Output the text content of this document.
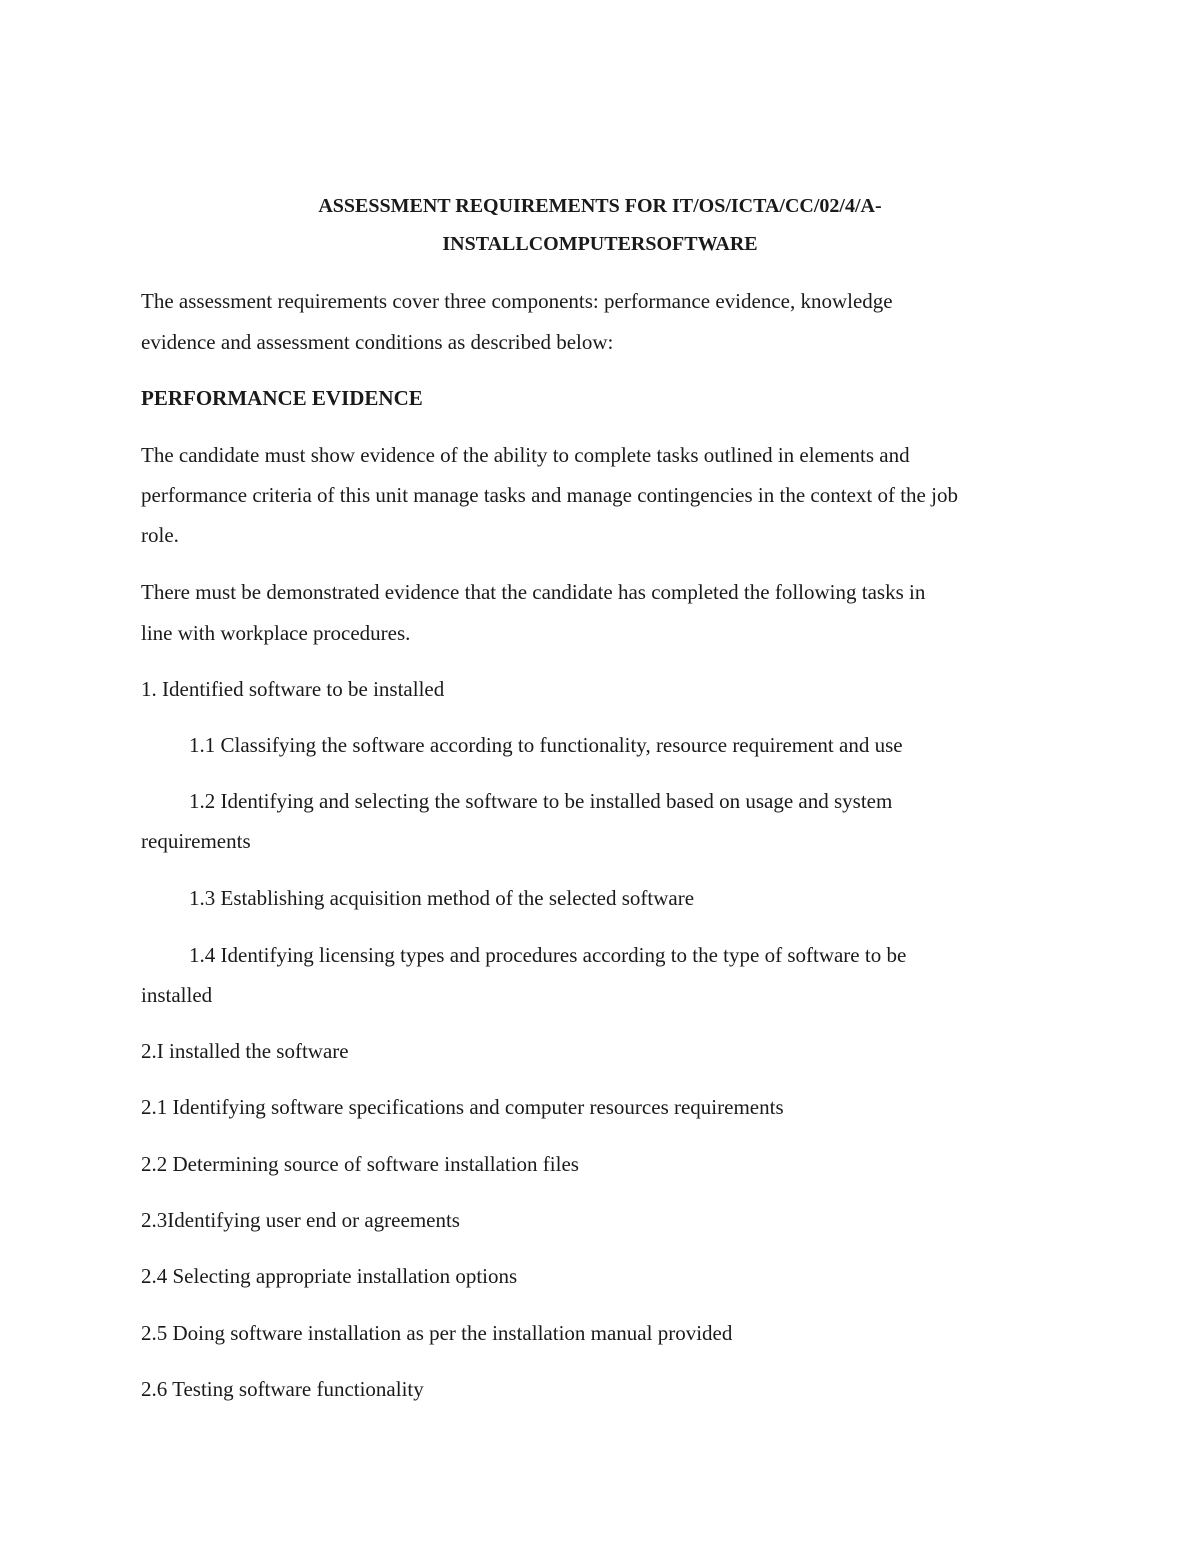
ASSESSMENT REQUIREMENTS FOR IT/OS/ICTA/CC/02/4/A-
INSTALLCOMPUTERSOFTWARE
The assessment requirements cover three components: performance evidence, knowledge
evidence and assessment conditions as described below:
PERFORMANCE EVIDENCE
The candidate must show evidence of the ability to complete tasks outlined in elements and
performance criteria of this unit manage tasks and manage contingencies in the context of the job
role.
There must be demonstrated evidence that the candidate has completed the following tasks in
line with workplace procedures.
1. Identified software to be installed
1.1 Classifying the software according to functionality, resource requirement and use
1.2 Identifying and selecting the software to be installed based on usage and system
requirements
1.3 Establishing acquisition method of the selected software
1.4 Identifying licensing types and procedures according to the type of software to be
installed
2.I installed the software
2.1 Identifying software specifications and computer resources requirements
2.2 Determining source of software installation files
2.3Identifying user end or agreements
2.4 Selecting appropriate installation options
2.5 Doing software installation as per the installation manual provided
2.6 Testing software functionality
